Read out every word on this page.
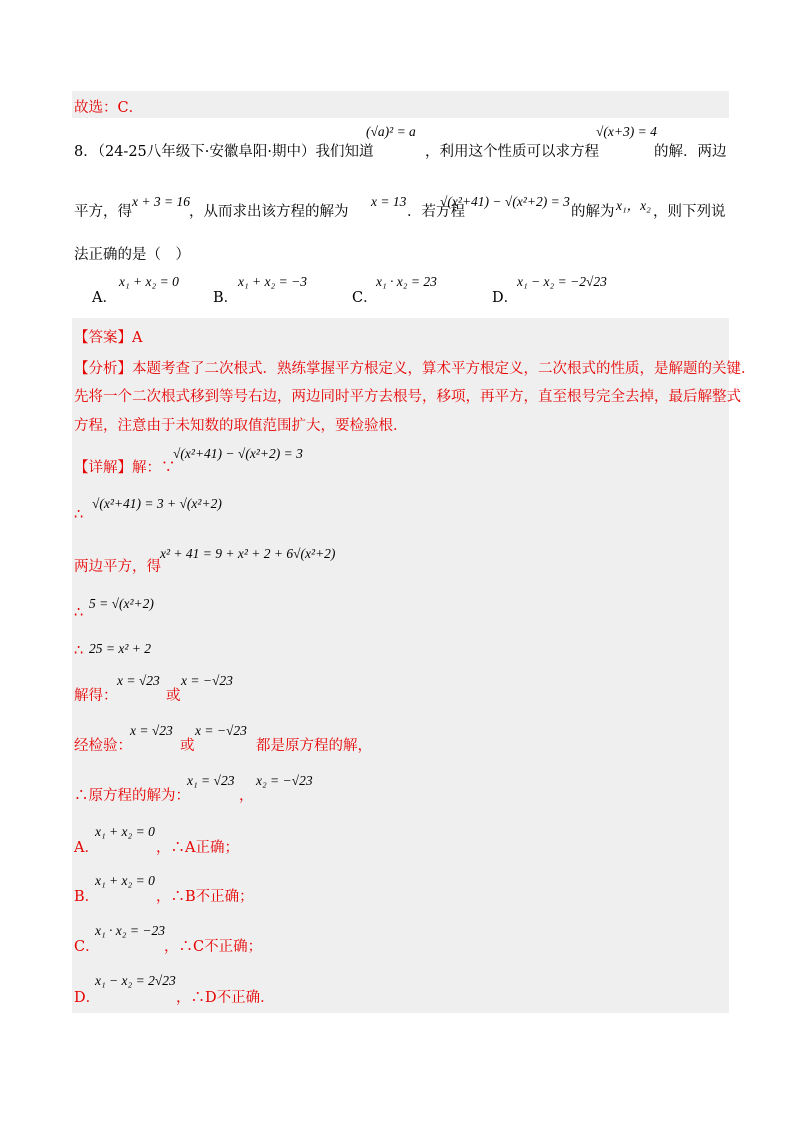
故选：C．
8．（24-25八年级下·安徽阜阳·期中）我们知道
(√a)² = a
，利用这个性质可以求方程
√(x+3) = 4
的解．两边
平方，得
x + 3 = 16
，从而求出该方程的解为
x = 13
．若方程
√(x²+41) − √(x²+2) = 3
的解为 x₁，x₂ ，则下列说
法正确的是（　）
A．
x₁ + x₂ = 0
B．
x₁ + x₂ = −3
C．
x₁ · x₂ = 23
D．
x₁ − x₂ = −2√23
【答案】A
【分析】本题考查了二次根式．熟练掌握平方根定义，算术平方根定义，二次根式的性质，是解题的关键．
先将一个二次根式移到等号右边，两边同时平方去根号，移项，再平方，直至根号完全去掉，最后解整式
方程，注意由于未知数的取值范围扩大，要检验根．
【详解】解：∵
√(x²+41) − √(x²+2) = 3
∴
√(x²+41) = 3 + √(x²+2)
两边平方，得
x² + 41 = 9 + x² + 2 + 6√(x²+2)
∴
5 = √(x²+2)
∴ 25 = x² + 2
解得：
x = √23
或
x = −√23
经检验：
x = √23
或
x = −√23
都是原方程的解，
∴原方程的解为：
x₁ = √23
，
x₂ = −√23
A．
x₁ + x₂ = 0
，∴A正确；
B．
x₁ + x₂ = 0
，∴B不正确；
C．
x₁ · x₂ = −23
，∴C不正确；
D．
x₁ − x₂ = 2√23
，∴D不正确．
